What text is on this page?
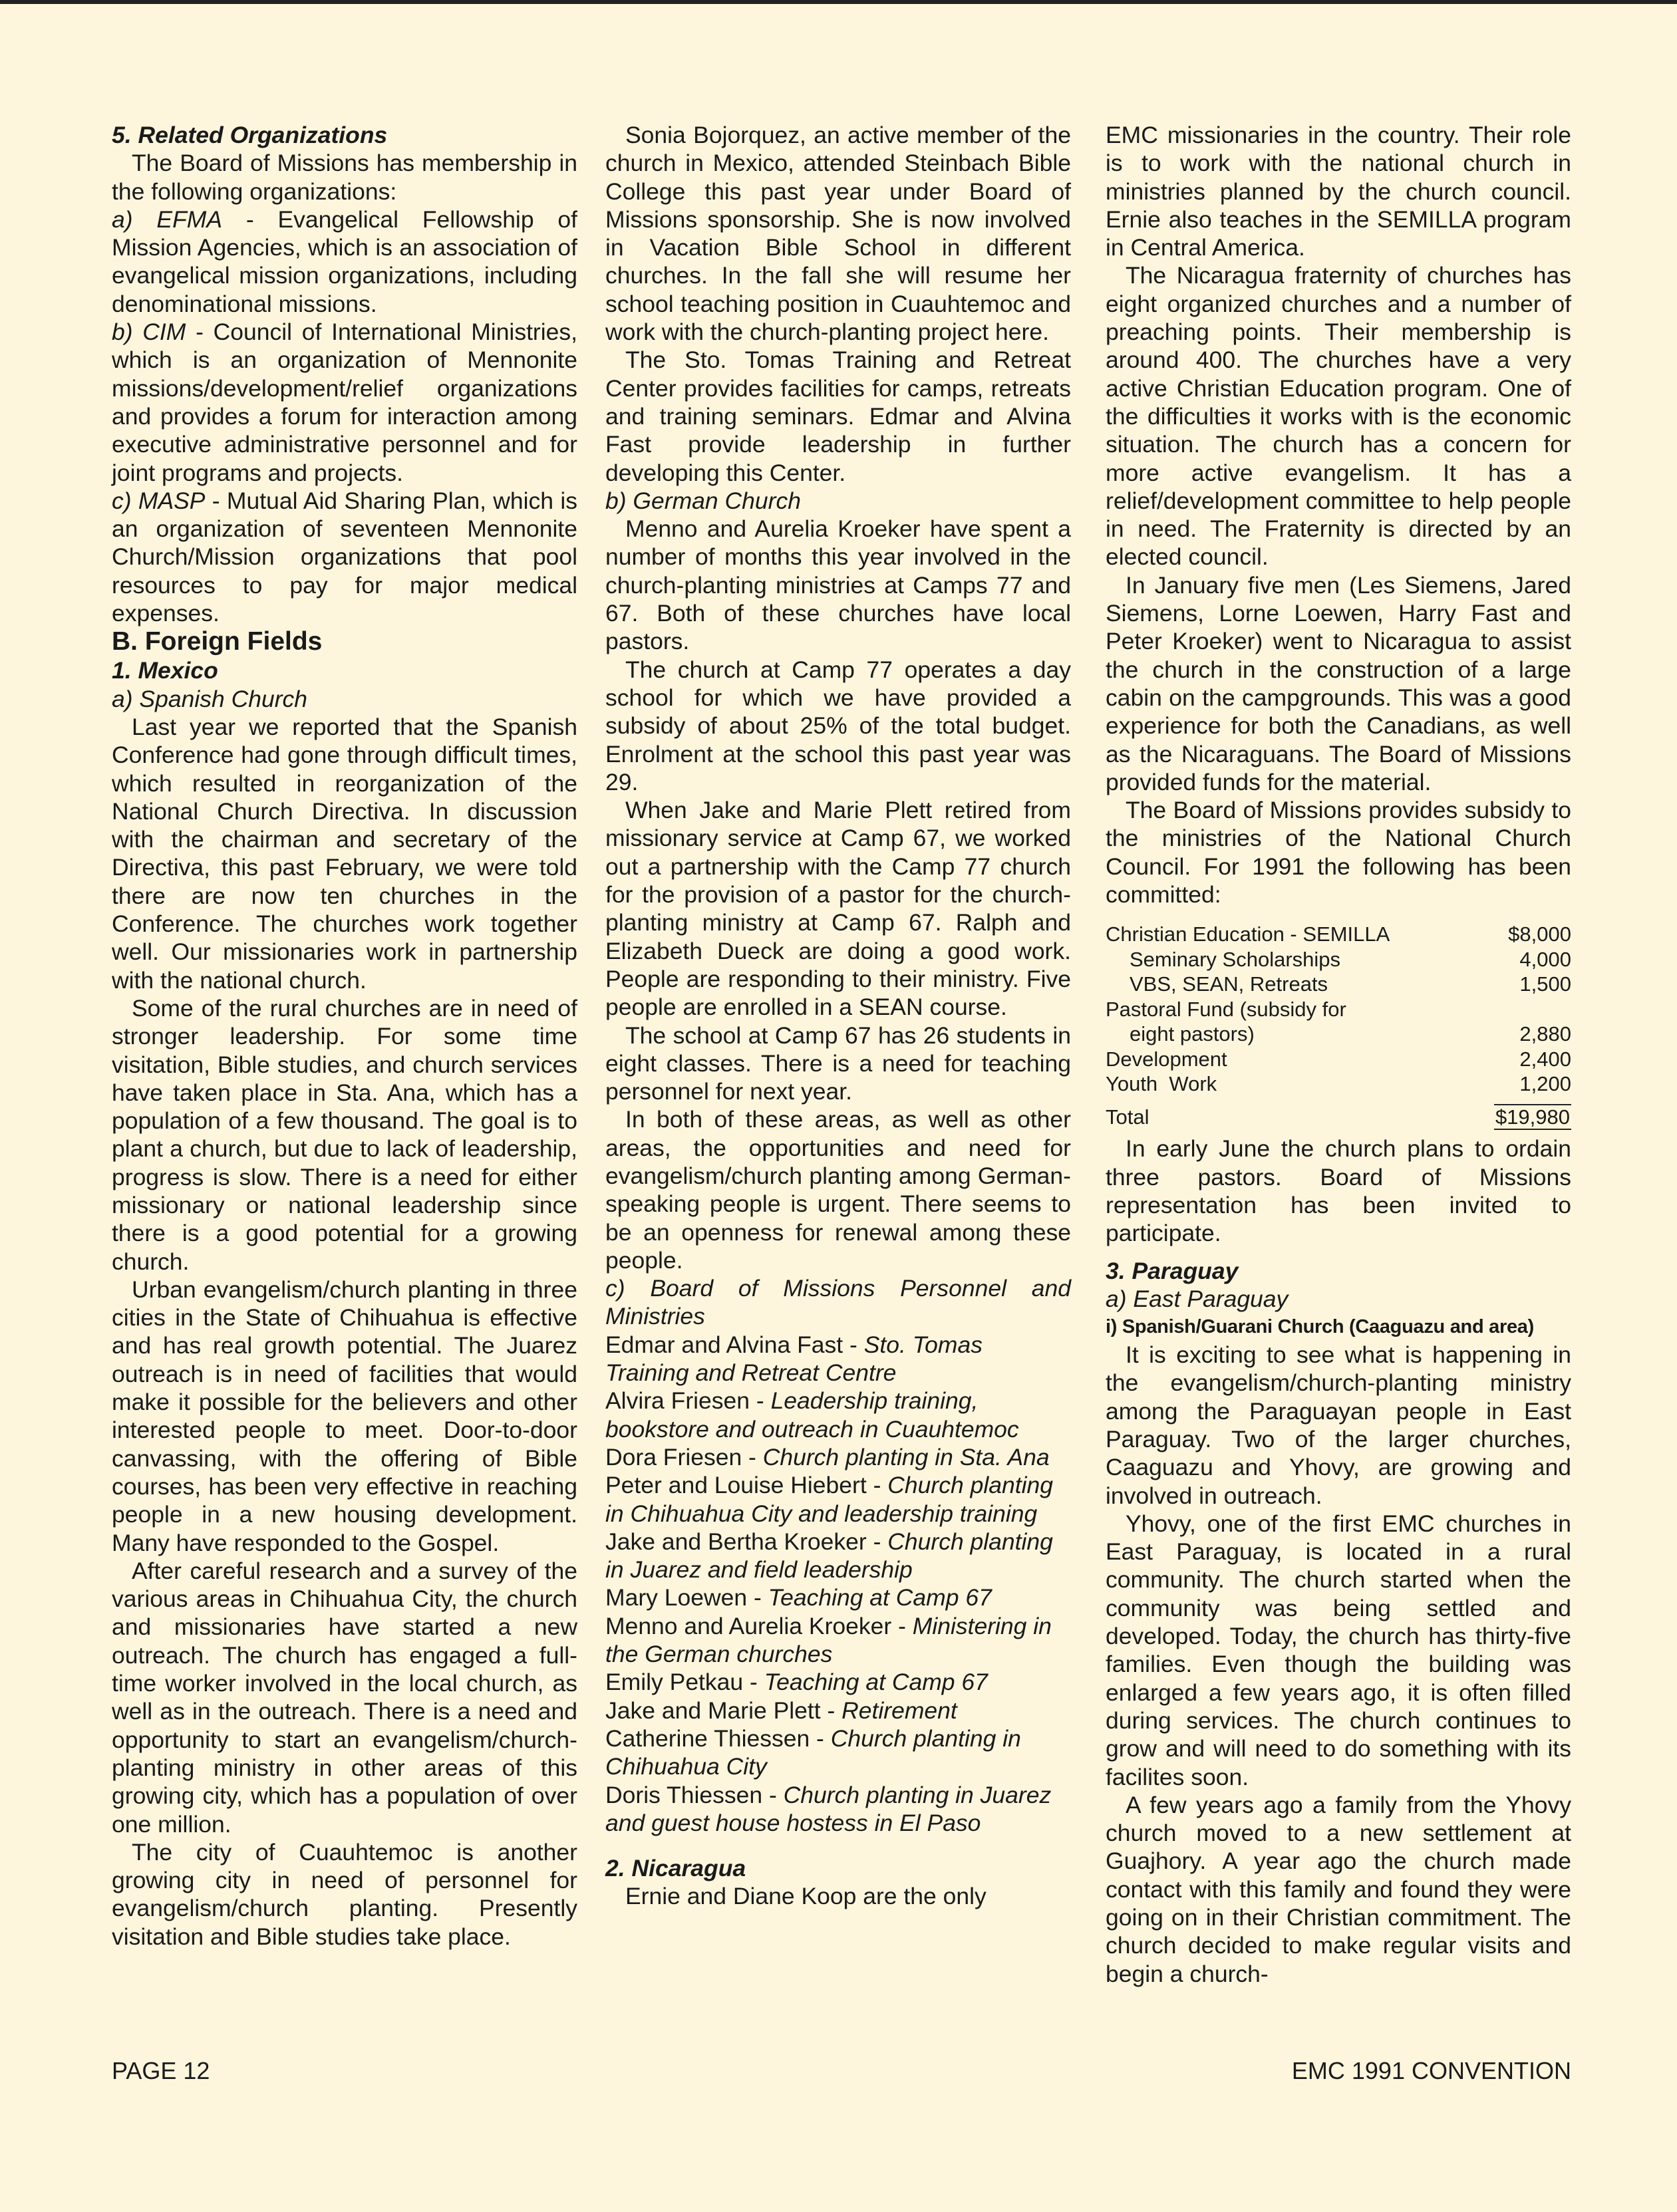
5. Related Organizations

The Board of Missions has membership in the following organizations:

a) EFMA - Evangelical Fellowship of Mission Agencies, which is an association of evangelical mission organizations, including denominational missions.

b) CIM - Council of International Ministries, which is an organization of Mennonite missions/development/relief organizations and provides a forum for interaction among executive administrative personnel and for joint programs and projects.

c) MASP - Mutual Aid Sharing Plan, which is an organization of seventeen Mennonite Church/Mission organizations that pool resources to pay for major medical expenses.

B. Foreign Fields

1. Mexico

a) Spanish Church

Last year we reported that the Spanish Conference had gone through difficult times, which resulted in reorganization of the National Church Directiva. In discussion with the chairman and secretary of the Directiva, this past February, we were told there are now ten churches in the Conference. The churches work together well. Our missionaries work in partnership with the national church.

Some of the rural churches are in need of stronger leadership. For some time visitation, Bible studies, and church services have taken place in Sta. Ana, which has a population of a few thousand. The goal is to plant a church, but due to lack of leadership, progress is slow. There is a need for either missionary or national leadership since there is a good potential for a growing church.

Urban evangelism/church planting in three cities in the State of Chihuahua is effective and has real growth potential. The Juarez outreach is in need of facilities that would make it possible for the believers and other interested people to meet. Door-to-door canvassing, with the offering of Bible courses, has been very effective in reaching people in a new housing development. Many have responded to the Gospel.

After careful research and a survey of the various areas in Chihuahua City, the church and missionaries have started a new outreach. The church has engaged a full-time worker involved in the local church, as well as in the outreach. There is a need and opportunity to start an evangelism/church-planting ministry in other areas of this growing city, which has a population of over one million.

The city of Cuauhtemoc is another growing city in need of personnel for evangelism/church planting. Presently visitation and Bible studies take place.

Sonia Bojorquez, an active member of the church in Mexico, attended Steinbach Bible College this past year under Board of Missions sponsorship. She is now involved in Vacation Bible School in different churches. In the fall she will resume her school teaching position in Cuauhtemoc and work with the church-planting project here.

The Sto. Tomas Training and Retreat Center provides facilities for camps, retreats and training seminars. Edmar and Alvina Fast provide leadership in further developing this Center.

b) German Church

Menno and Aurelia Kroeker have spent a number of months this year involved in the church-planting ministries at Camps 77 and 67. Both of these churches have local pastors.

The church at Camp 77 operates a day school for which we have provided a subsidy of about 25% of the total budget. Enrolment at the school this past year was 29.

When Jake and Marie Plett retired from missionary service at Camp 67, we worked out a partnership with the Camp 77 church for the provision of a pastor for the church-planting ministry at Camp 67. Ralph and Elizabeth Dueck are doing a good work. People are responding to their ministry. Five people are enrolled in a SEAN course.

The school at Camp 67 has 26 students in eight classes. There is a need for teaching personnel for next year.

In both of these areas, as well as other areas, the opportunities and need for evangelism/church planting among German-speaking people is urgent. There seems to be an openness for renewal among these people.

c) Board of Missions Personnel and Ministries

Edmar and Alvina Fast - Sto. Tomas Training and Retreat Centre

Alvira Friesen - Leadership training, bookstore and outreach in Cuauhtemoc

Dora Friesen - Church planting in Sta. Ana

Peter and Louise Hiebert - Church planting in Chihuahua City and leadership training

Jake and Bertha Kroeker - Church planting in Juarez and field leadership

Mary Loewen - Teaching at Camp 67

Menno and Aurelia Kroeker - Ministering in the German churches

Emily Petkau - Teaching at Camp 67

Jake and Marie Plett - Retirement

Catherine Thiessen - Church planting in Chihuahua City

Doris Thiessen - Church planting in Juarez and guest house hostess in El Paso

2. Nicaragua

Ernie and Diane Koop are the only

EMC missionaries in the country. Their role is to work with the national church in ministries planned by the church council. Ernie also teaches in the SEMILLA program in Central America.

The Nicaragua fraternity of churches has eight organized churches and a number of preaching points. Their membership is around 400. The churches have a very active Christian Education program. One of the difficulties it works with is the economic situation. The church has a concern for more active evangelism. It has a relief/development committee to help people in need. The Fraternity is directed by an elected council.

In January five men (Les Siemens, Jared Siemens, Lorne Loewen, Harry Fast and Peter Kroeker) went to Nicaragua to assist the church in the construction of a large cabin on the campgrounds. This was a good experience for both the Canadians, as well as the Nicaraguans. The Board of Missions provided funds for the material.

The Board of Missions provides subsidy to the ministries of the National Church Council. For 1991 the following has been committed:

Christian Education - SEMILLA	$8,000
Seminary Scholarships	4,000
VBS, SEAN, Retreats	1,500
Pastoral Fund (subsidy for	
eight pastors)	2,880
Development	2,400
Youth  Work	1,200
Total	$19,980

In early June the church plans to ordain three pastors. Board of Missions representation has been invited to participate.

3. Paraguay

a) East Paraguay

i) Spanish/Guarani Church (Caaguazu and area)

It is exciting to see what is happening in the evangelism/church-planting ministry among the Paraguayan people in East Paraguay. Two of the larger churches, Caaguazu and Yhovy, are growing and involved in outreach.

Yhovy, one of the first EMC churches in East Paraguay, is located in a rural community. The church started when the community was being settled and developed. Today, the church has thirty-five families. Even though the building was enlarged a few years ago, it is often filled during services. The church continues to grow and will need to do something with its facilites soon.

A few years ago a family from the Yhovy church moved to a new settlement at Guajhory. A year ago the church made contact with this family and found they were going on in their Christian commitment. The church decided to make regular visits and begin a church-

PAGE 12	EMC 1991 CONVENTION
